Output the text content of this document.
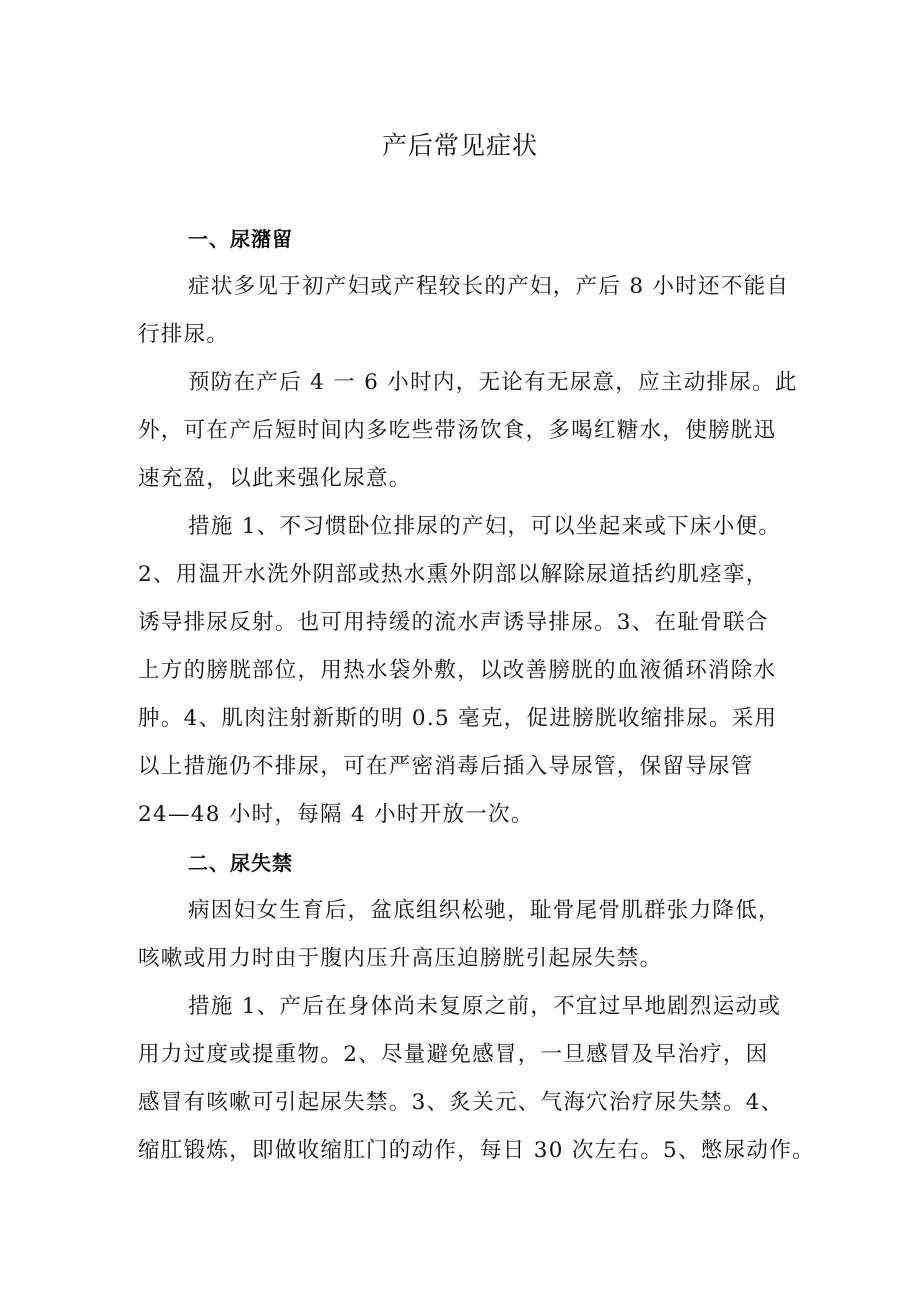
产后常见症状
一、尿潴留
症状多见于初产妇或产程较长的产妇，产后 8 小时还不能自
行排尿。
预防在产后 4 一 6 小时内，无论有无尿意，应主动排尿。此
外，可在产后短时间内多吃些带汤饮食，多喝红糖水，使膀胱迅
速充盈，以此来强化尿意。
措施 1、不习惯卧位排尿的产妇，可以坐起来或下床小便。
2、用温开水洗外阴部或热水熏外阴部以解除尿道括约肌痉挛，
诱导排尿反射。也可用持缓的流水声诱导排尿。3、在耻骨联合
上方的膀胱部位，用热水袋外敷，以改善膀胱的血液循环消除水
肿。4、肌肉注射新斯的明 0.5 毫克，促进膀胱收缩排尿。采用
以上措施仍不排尿，可在严密消毒后插入导尿管，保留导尿管
24—48 小时，每隔 4 小时开放一次。
二、尿失禁
病因妇女生育后，盆底组织松驰，耻骨尾骨肌群张力降低，
咳嗽或用力时由于腹内压升高压迫膀胱引起尿失禁。
措施 1、产后在身体尚未复原之前，不宜过早地剧烈运动或
用力过度或提重物。2、尽量避免感冒，一旦感冒及早治疗，因
感冒有咳嗽可引起尿失禁。3、炙关元、气海穴治疗尿失禁。4、
缩肛锻炼，即做收缩肛门的动作，每日 30 次左右。5、憋尿动作。
